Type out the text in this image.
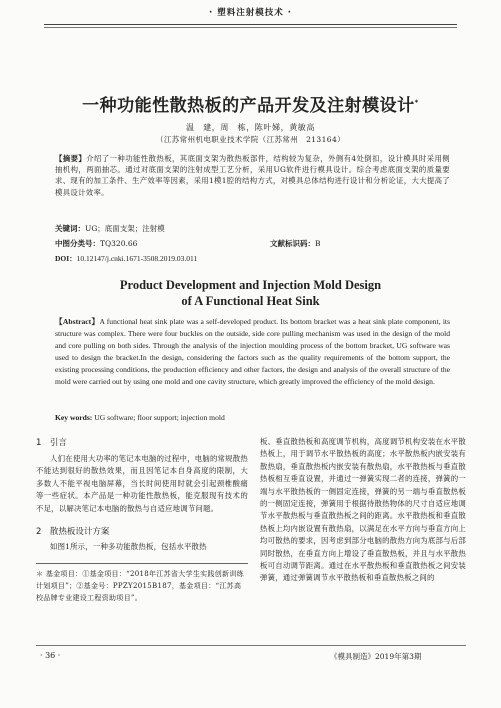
· 塑料注射模技术 ·
一种功能性散热板的产品开发及注射模设计*
温　建，周　栋，陈叶娣，黄敏高
（江苏常州机电职业技术学院（江苏常州　213164）
【摘要】介绍了一种功能性散热板，其底面支架为散热板部件，结构较为复杂，外侧有4处倒扣，设计模具时采用侧抽机构，两面抽芯。通过对底面支架的注射成型工艺分析，采用UG软件进行模具设计。综合考虑底面支架的质量要求、现有的加工条件、生产效率等因素，采用1模1腔的结构方式，对模具总体结构进行设计和分析论证，大大提高了模具设计效率。
关键词：UG；底面支架；注射模
中图分类号：TQ320.66	文献标识码：B
DOI：10.12147/j.cnki.1671-3508.2019.03.011
Product Development and Injection Mold Design
of A Functional Heat Sink
【Abstract】A functional heat sink plate was a self-developed product. Its bottom bracket was a heat sink plate component, its structure was complex. There were four buckles on the outside, side core pulling mechanism was used in the design of the mold and core pulling on both sides. Through the analysis of the injection moulding process of the bottom bracket, UG software was used to design the bracket.In the design, considering the factors such as the quality requirements of the bottom support, the existing processing conditions, the production efficiency and other factors, the design and analysis of the overall structure of the mold were carried out by using one mold and one cavity structure, which greatly improved the efficiency of the mold design.
Key words: UG software; floor support; injection mold
1　引言
人们在使用大功率的笔记本电脑的过程中，电脑的常规散热不能达到很好的散热效果，而且因笔记本自身高度的限制，大多数人不能平视电脑屏幕，当长时间使用时就会引起颈椎酸痛等一些症状。本产品是一种功能性散热板，能克服现有技术的不足，以解决笔记本电脑的散热与自适应地调节问题。
2　散热板设计方案
如图1所示，一种多功能散热板，包括水平散热
板、垂直散热板和高度调节机构，高度调节机构安装在水平散热板上，用于调节水平散热板的高度；水平散热板内嵌安装有散热扇，垂直散热板内嵌安装有散热扇，水平散热板与垂直散热板相互垂直设置，并通过一弹簧实现二者的连接，弹簧的一端与水平散热板的一侧固定连接，弹簧的另一端与垂直散热板的一侧固定连接，弹簧用于根据待散热物体的尺寸自适应地调节水平散热板与垂直散热板之间的距离。水平散热板和垂直散热板上均内嵌设置有散热扇，以满足在水平方向与垂直方向上均可散热的要求，因考虑到部分电脑的散热方向为底部与后部同时散热，在垂直方向上增设了垂直散热板，并且与水平散热板可自动调节距离。通过在水平散热板和垂直散热板之间安装弹簧，通过弹簧调节水平散热板和垂直散热板之间的
＊ 基金项目：①基金项目：“2018年江苏省大学生实践创新训练计划项目”；②基金号：PPZY2015B187，基金项目：“江苏高校品牌专业建设工程资助项目”。
· 36 ·	《模具制造》2019年第3期
